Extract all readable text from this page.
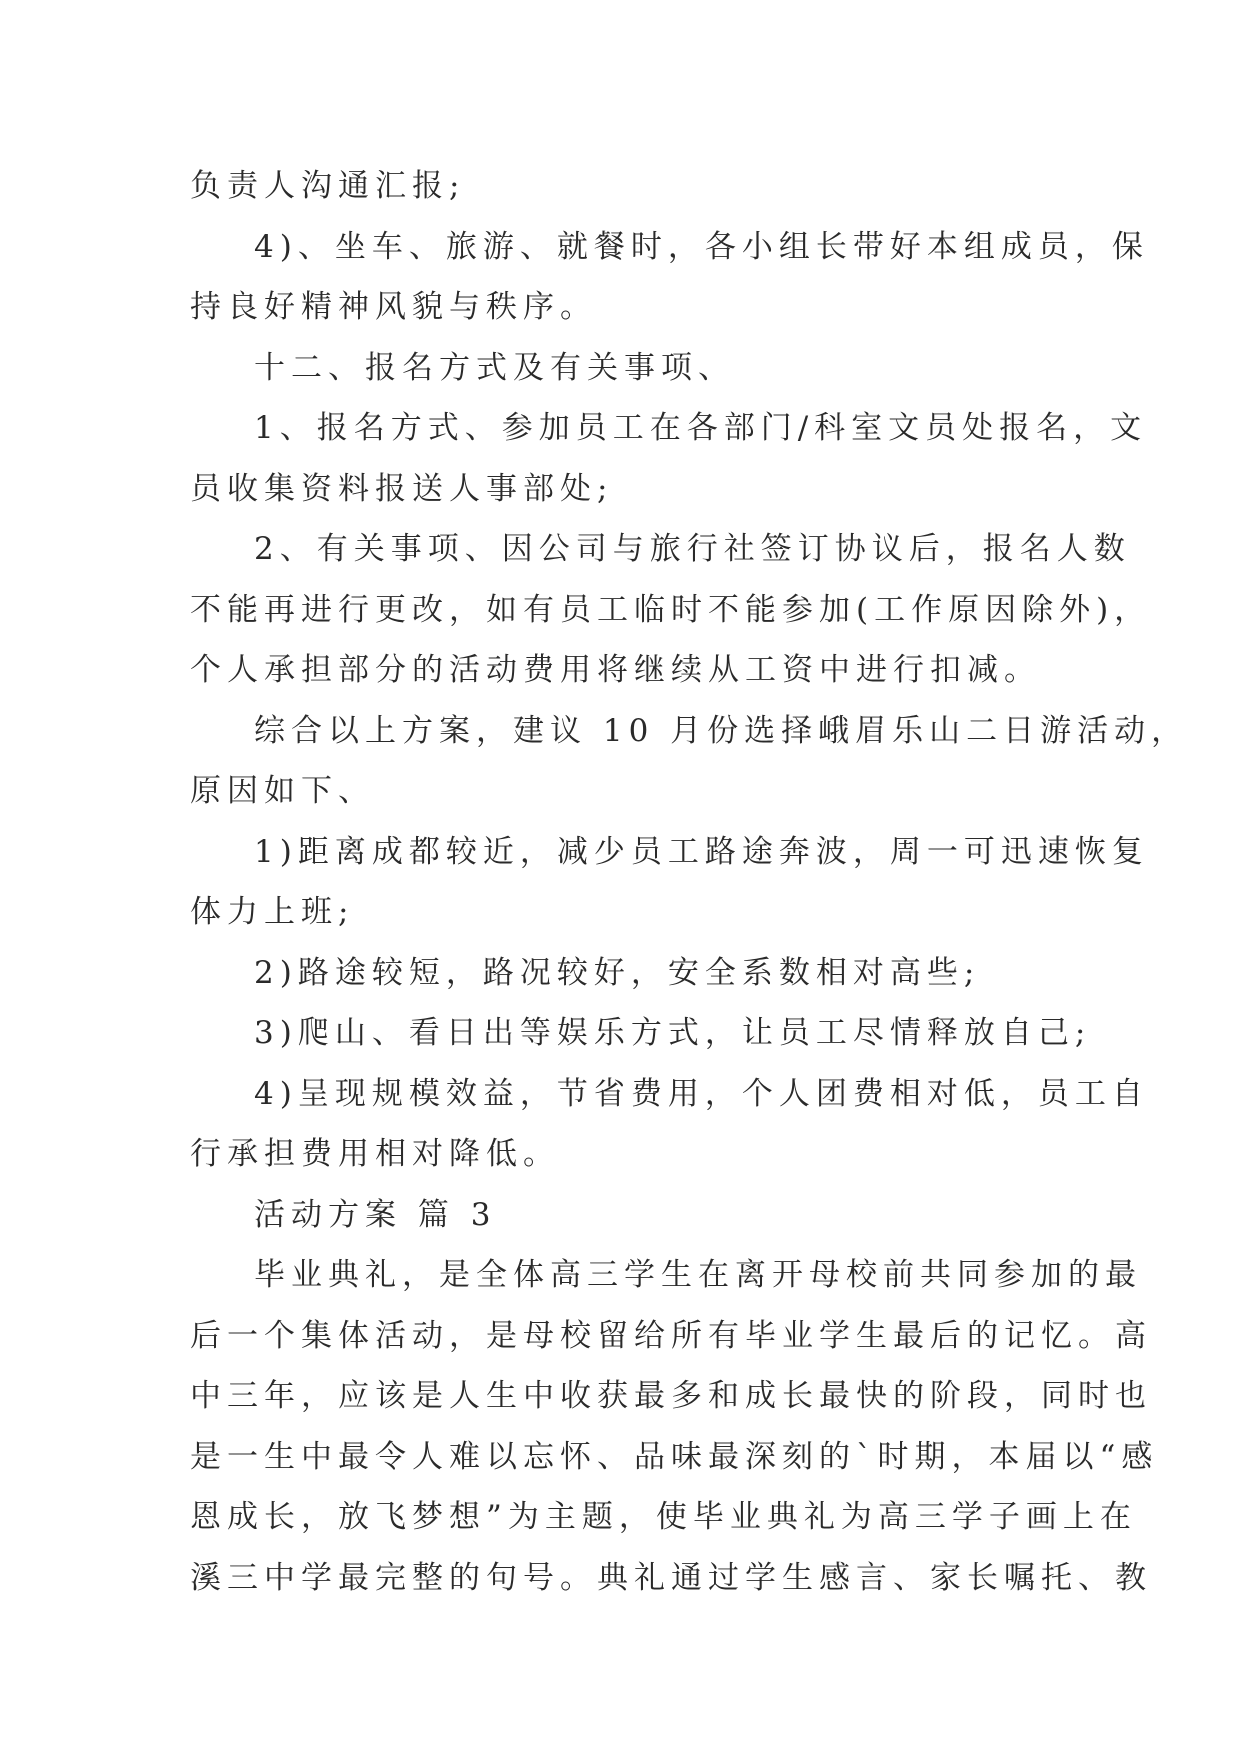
负责人沟通汇报;
4)、坐车、旅游、就餐时，各小组长带好本组成员，保
持良好精神风貌与秩序。
十二、报名方式及有关事项、
1、报名方式、参加员工在各部门/科室文员处报名，文
员收集资料报送人事部处;
2、有关事项、因公司与旅行社签订协议后，报名人数
不能再进行更改，如有员工临时不能参加(工作原因除外)，
个人承担部分的活动费用将继续从工资中进行扣减。
综合以上方案，建议 10 月份选择峨眉乐山二日游活动，
原因如下、
1)距离成都较近，减少员工路途奔波，周一可迅速恢复
体力上班;
2)路途较短，路况较好，安全系数相对高些;
3)爬山、看日出等娱乐方式，让员工尽情释放自己;
4)呈现规模效益，节省费用，个人团费相对低，员工自
行承担费用相对降低。
活动方案 篇 3
毕业典礼，是全体高三学生在离开母校前共同参加的最
后一个集体活动，是母校留给所有毕业学生最后的记忆。高
中三年，应该是人生中收获最多和成长最快的阶段，同时也
是一生中最令人难以忘怀、品味最深刻的`时期，本届以“感
恩成长，放飞梦想”为主题，使毕业典礼为高三学子画上在
溪三中学最完整的句号。典礼通过学生感言、家长嘱托、教
